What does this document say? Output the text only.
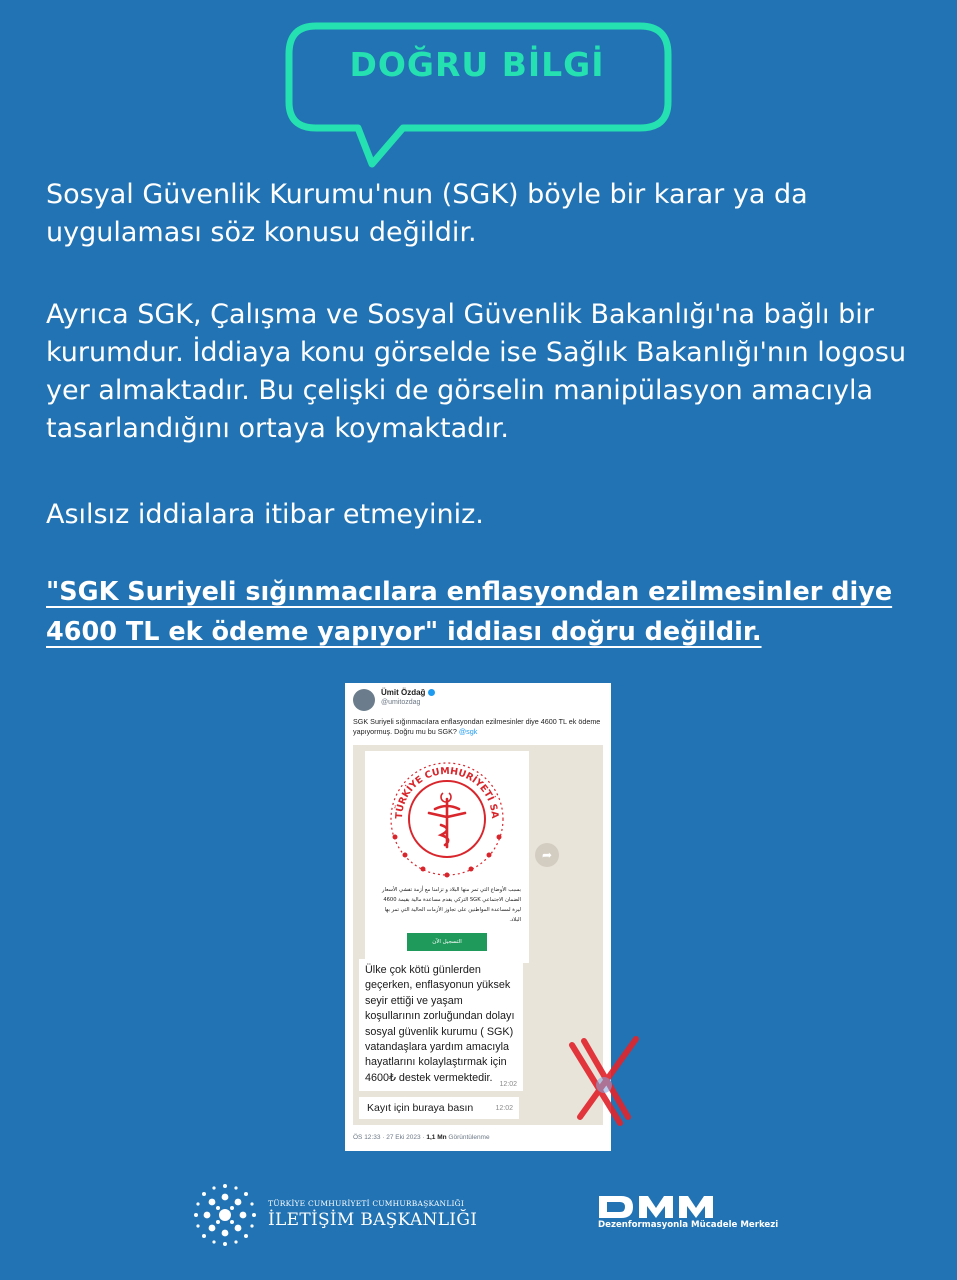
DOĞRU BİLGİ

Sosyal Güvenlik Kurumu'nun (SGK) böyle bir karar ya da uygulaması söz konusu değildir.

Ayrıca SGK, Çalışma ve Sosyal Güvenlik Bakanlığı'na bağlı bir kurumdur. İddiaya konu görselde ise Sağlık Bakanlığı'nın logosu yer almaktadır. Bu çelişki de görselin manipülasyon amacıyla tasarlandığını ortaya koymaktadır.

Asılsız iddialara itibar etmeyiniz.

"SGK Suriyeli sığınmacılara enflasyondan ezilmesinler diye 4600 TL ek ödeme yapıyor" iddiası doğru değildir.

Ümit Özdağ
@umitozdag
SGK Suriyeli sığınmacılara enflasyondan ezilmesinler diye 4600 TL ek ödeme yapıyormuş. Doğru mu bu SGK? @sgk
TÜRKİYE CUMHURİYETİ SA
بسبب الأوضاع التي تمر منها البلاد و تزامنا مع أزمة تفشي الأسعار الضمان الاجتماعي SGK التركي يقدم مساعدة مالية بقيمة 4600 ليرة لمساعدة المواطنين على تجاوز الأزمات الحالية التي تمر بها البلاد.
التسجيل الآن
➦
Ülke çok kötü günlerden geçerken, enflasyonun yüksek seyir ettiği ve yaşam koşullarının zorluğundan dolayı sosyal güvenlik kurumu ( SGK) vatandaşlara yardım amacıyla hayatlarını kolaylaştırmak için 4600₺ destek vermektedir.
12:02
Kayıt için buraya basın	12:02
ÖS 12:33 · 27 Eki 2023 · 1,1 Mn Görüntülenme
TÜRKİYE CUMHURİYETİ CUMHURBAŞKANLIĞI
İLETİŞİM BAŞKANLIĞI	Dezenformasyonla Mücadele Merkezi
